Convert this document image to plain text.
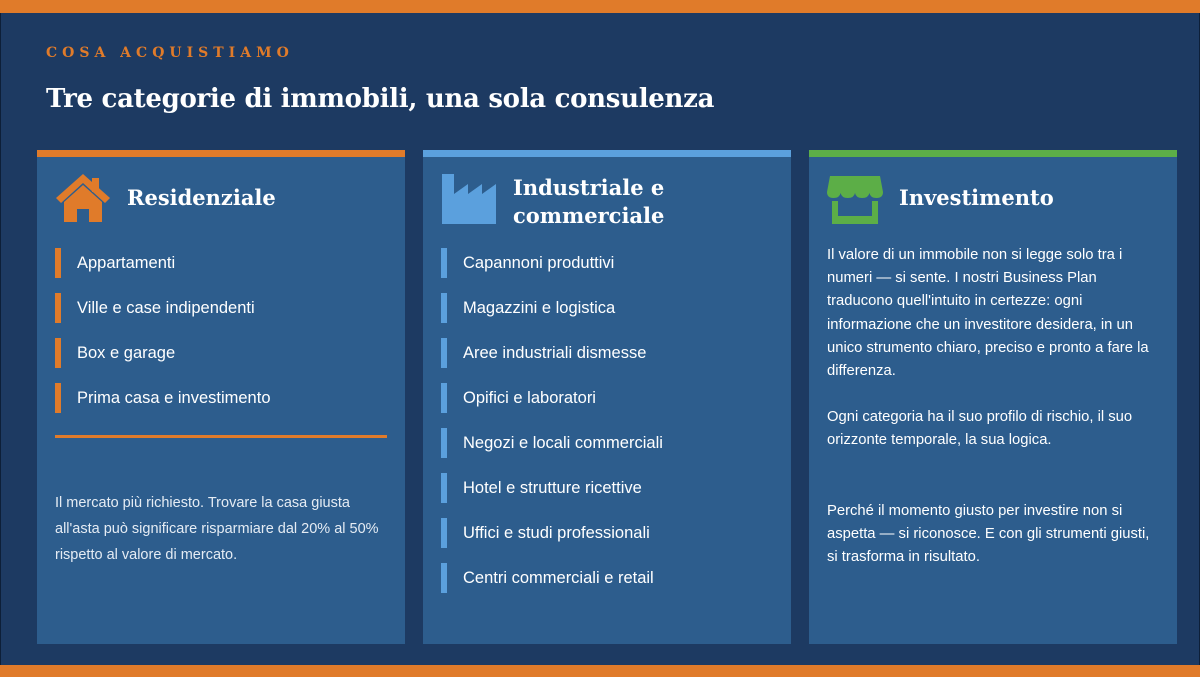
COSA ACQUISTIAMO
Tre categorie di immobili, una sola consulenza
Residenziale
Appartamenti
Ville e case indipendenti
Box e garage
Prima casa e investimento

Il mercato più richiesto. Trovare la casa giusta all'asta può significare risparmiare dal 20% al 50% rispetto al valore di mercato.

Industriale e
commerciale
Capannoni produttivi
Magazzini e logistica
Aree industriali dismesse
Opifici e laboratori
Negozi e locali commerciali
Hotel e strutture ricettive
Uffici e studi professionali
Centri commerciali e retail
Investimento

Il valore di un immobile non si legge solo tra i numeri — si sente. I nostri Business Plan traducono quell'intuito in certezze: ogni informazione che un investitore desidera, in un unico strumento chiaro, preciso e pronto a fare la differenza.

Ogni categoria ha il suo profilo di rischio, il suo orizzonte temporale, la sua logica.

Perché il momento giusto per investire non si aspetta — si riconosce. E con gli strumenti giusti, si trasforma in risultato.
